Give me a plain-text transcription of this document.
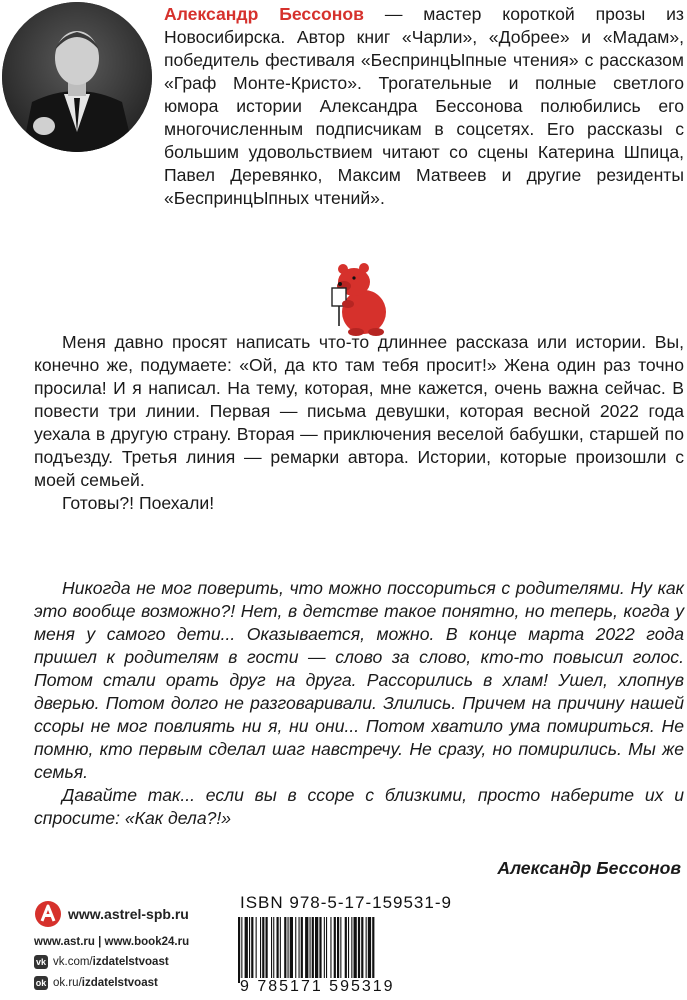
Александр Бессонов — мастер короткой прозы из Новосибирска. Автор книг «Чарли», «Добрее» и «Мадам», победитель фестиваля «БеспринцЫпные чтения» с рассказом «Граф Монте-Кристо». Трогательные и полные светлого юмора истории Александра Бессонова полюбились его многочисленным подписчикам в соцсетях. Его рассказы с большим удовольствием читают со сцены Катерина Шпица, Павел Деревянко, Максим Матвеев и другие резиденты «БеспринцЫпных чтений».

Меня давно просят написать что-то длиннее рассказа или истории. Вы, конечно же, подумаете: «Ой, да кто там тебя просит!» Жена один раз точно просила! И я написал. На тему, которая, мне кажется, очень важна сейчас. В повести три линии. Первая — письма девушки, которая весной 2022 года уехала в другую страну. Вторая — приключения веселой бабушки, старшей по подъезду. Третья линия — ремарки автора. Истории, которые произошли с моей семьей.

Готовы?! Поехали!

Никогда не мог поверить, что можно поссориться с родителями. Ну как это вообще возможно?! Нет, в детстве такое понятно, но теперь, когда у меня у самого дети... Оказывается, можно. В конце марта 2022 года пришел к родителям в гости — слово за слово, кто-то повысил голос. Потом стали орать друг на друга. Рассорились в хлам! Ушел, хлопнув дверью. Потом долго не разговаривали. Злились. Причем на причину нашей ссоры не мог повлиять ни я, ни они... Потом хватило ума помириться. Не помню, кто первым сделал шаг навстречу. Не сразу, но помирились. Мы же семья.

Давайте так... если вы в ссоре с близкими, просто наберите их и спросите: «Как дела?!»

Александр Бессонов
www.astrel-spb.ru
www.ast.ru | www.book24.ru
vk vk.com/ izdatelstvoast
ok ok.ru/ izdatelstvoast
ISBN 978-5-17-159531-9
9 785171 595319
